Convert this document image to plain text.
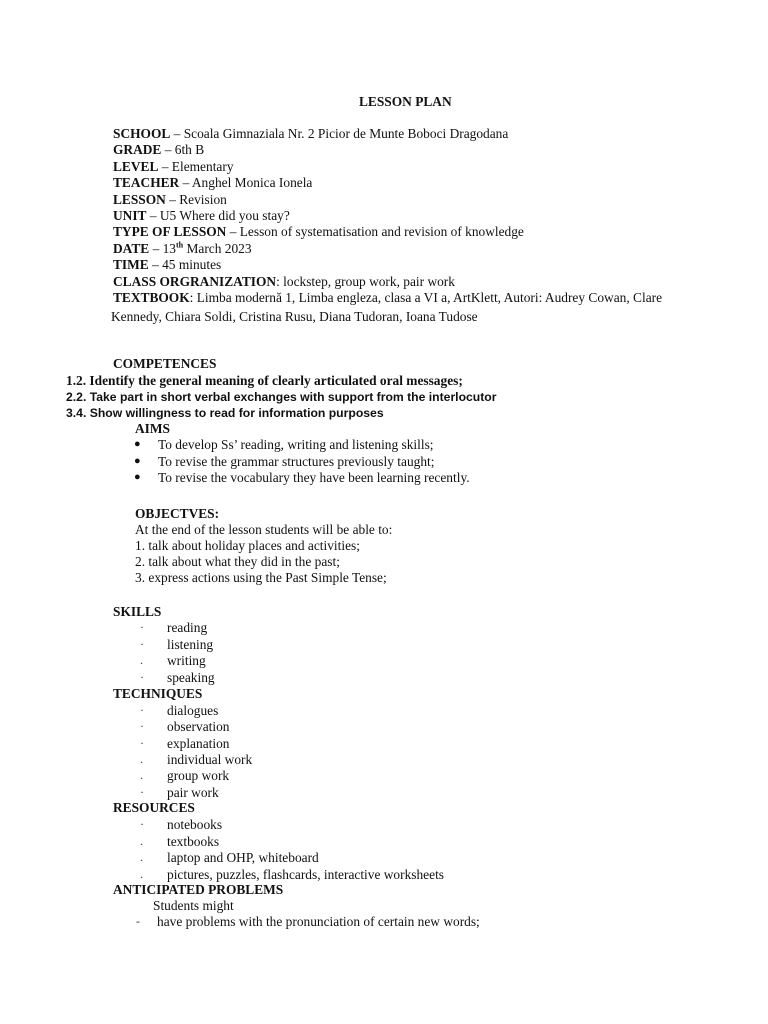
LESSON PLAN
SCHOOL – Scoala Gimnaziala Nr. 2 Picior de Munte Boboci Dragodana
GRADE – 6th B
LEVEL – Elementary
TEACHER – Anghel Monica Ionela
LESSON – Revision
UNIT – U5 Where did you stay?
TYPE OF LESSON – Lesson of systematisation and revision of knowledge
DATE – 13th March 2023
TIME – 45 minutes
CLASS ORGRANIZATION: lockstep, group work, pair work
TEXTBOOK: Limba modernă 1, Limba engleza, clasa a VI a, ArtKlett, Autori: Audrey Cowan, Clare
Kennedy, Chiara Soldi, Cristina Rusu, Diana Tudoran, Ioana Tudose
COMPETENCES
1.2. Identify the general meaning of clearly articulated oral messages;
2.2. Take part in short verbal exchanges with support from the interlocutor
3.4. Show willingness to read for information purposes
AIMS
● To develop Ss’ reading, writing and listening skills;
● To revise the grammar structures previously taught;
● To revise the vocabulary they have been learning recently.
OBJECTVES:
At the end of the lesson students will be able to:
1. talk about holiday places and activities;
2. talk about what they did in the past;
3. express actions using the Past Simple Tense;
SKILLS
·	reading
·	listening
.	writing
·	speaking
TECHNIQUES
·	dialogues
·	observation
·	explanation
.	individual work
.	group work
·	pair work
RESOURCES
·	notebooks
.	textbooks
.	laptop and OHP, whiteboard
.	pictures, puzzles, flashcards, interactive worksheets
ANTICIPATED PROBLEMS
Students might
-	have problems with the pronunciation of certain new words;
